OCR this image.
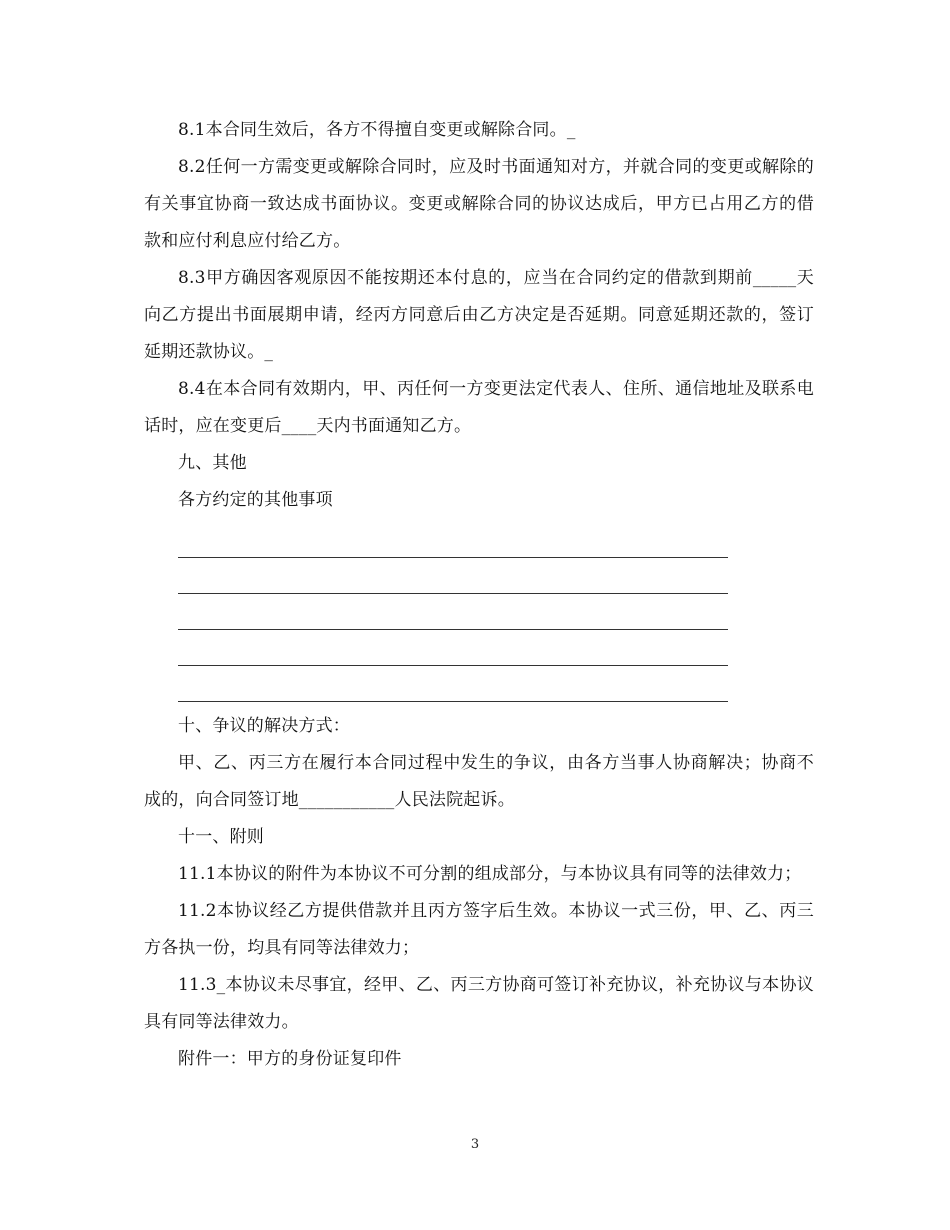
8.1本合同生效后，各方不得擅自变更或解除合同。_

8.2任何一方需变更或解除合同时，应及时书面通知对方，并就合同的变更或解除的有关事宜协商一致达成书面协议。变更或解除合同的协议达成后，甲方已占用乙方的借款和应付利息应付给乙方。

8.3甲方确因客观原因不能按期还本付息的，应当在合同约定的借款到期前_____天向乙方提出书面展期申请，经丙方同意后由乙方决定是否延期。同意延期还款的，签订延期还款协议。_

8.4在本合同有效期内，甲、丙任何一方变更法定代表人、住所、通信地址及联系电话时，应在变更后____天内书面通知乙方。

九、其他

各方约定的其他事项

十、争议的解决方式：

甲、乙、丙三方在履行本合同过程中发生的争议，由各方当事人协商解决；协商不成的，向合同签订地___________人民法院起诉。

十一、附则

11.1本协议的附件为本协议不可分割的组成部分，与本协议具有同等的法律效力；

11.2本协议经乙方提供借款并且丙方签字后生效。本协议一式三份，甲、乙、丙三方各执一份，均具有同等法律效力；

11.3_本协议未尽事宜，经甲、乙、丙三方协商可签订补充协议，补充协议与本协议具有同等法律效力。

附件一：甲方的身份证复印件

3
